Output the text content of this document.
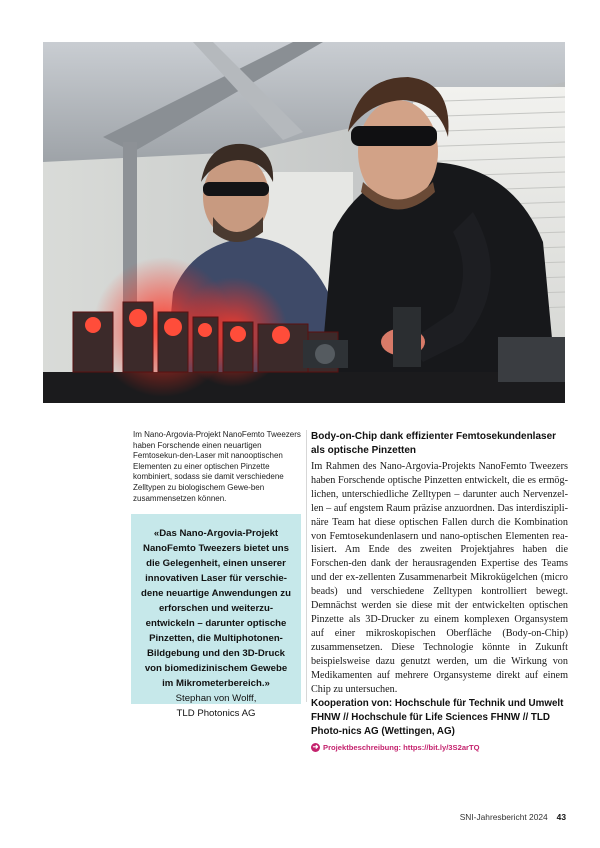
Im Nano-Argovia-Projekt NanoFemto Tweezers haben Forschende einen neuartigen Femtosekun-den-Laser mit nanooptischen Elementen zu einer optischen Pinzette kombiniert, sodass sie damit verschiedene Zelltypen zu biologischem Gewe-ben zusammensetzen können.
«Das Nano-Argovia-Projekt NanoFemto Tweezers bietet uns die Gelegenheit, einen unserer innovativen Laser für verschie-dene neuartige Anwendungen zu erforschen und weiterzu-entwickeln – darunter optische Pinzetten, die Multiphotonen-Bildgebung und den 3D-Druck von biomedizinischem Gewebe im Mikrometerbereich.»
Stephan von Wolff,
TLD Photonics AG
Body-on-Chip dank effizienter Femtosekundenlaser als optische Pinzetten

Im Rahmen des Nano-Argovia-Projekts NanoFemto Tweezers haben Forschende optische Pinzetten entwickelt, die es ermög-lichen, unterschiedliche Zelltypen – darunter auch Nervenzel-len – auf engstem Raum präzise anzuordnen. Das interdiszipli-näre Team hat diese optischen Fallen durch die Kombination von Femtosekundenlasern und nano-optischen Elementen rea-lisiert. Am Ende des zweiten Projektjahres haben die Forschen-den dank der herausragenden Expertise des Teams und der ex-zellenten Zusammenarbeit Mikrokügelchen (micro beads) und verschiedene Zelltypen kontrolliert bewegt. Demnächst werden sie diese mit der entwickelten optischen Pinzette als 3D-Drucker zu einem komplexen Organsystem auf einer mikroskopischen Oberfläche (Body-on-Chip) zusammensetzen. Diese Technologie könnte in Zukunft beispielsweise dazu genutzt werden, um die Wirkung von Medikamenten auf mehrere Organsysteme direkt auf einem Chip zu untersuchen.

Kooperation von: Hochschule für Technik und Umwelt FHNW // Hochschule für Life Sciences FHNW // TLD Photo-nics AG (Wettingen, AG)

➜ Projektbeschreibung: https://bit.ly/3S2arTQ
SNI-Jahresbericht 2024 43
